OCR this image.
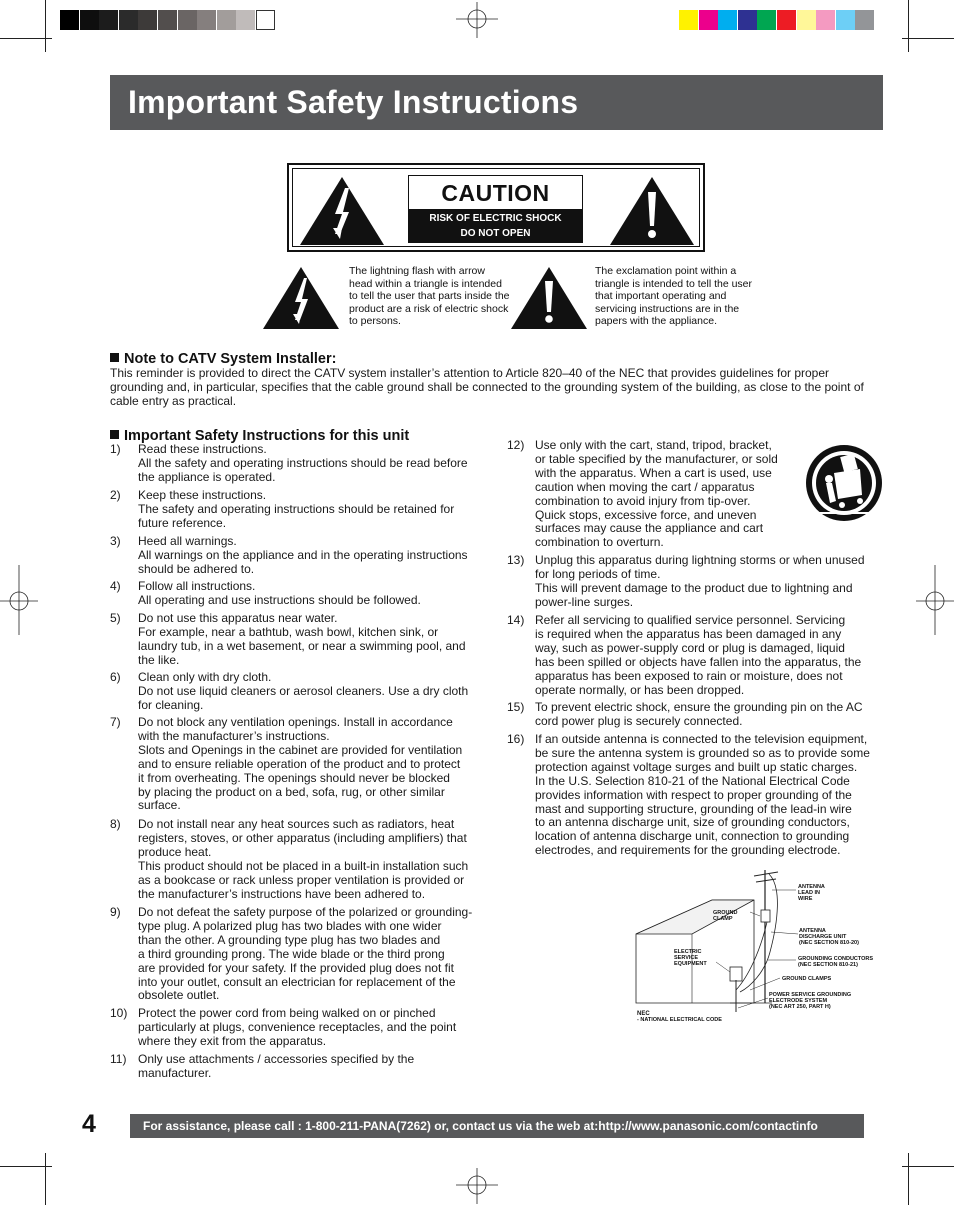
Important Safety Instructions
CAUTION
RISK OF ELECTRIC SHOCK
DO NOT OPEN
The lightning flash with arrow head within a triangle is intended to tell the user that parts inside the product are a risk of electric shock to persons.
The exclamation point within a triangle is intended to tell the user that important operating and servicing instructions are in the papers with the appliance.
Note to CATV System Installer:
This reminder is provided to direct the CATV system installer’s attention to Article 820–40 of the NEC that provides guidelines for proper grounding and, in particular, specifies that the cable ground shall be connected to the grounding system of the building, as close to the point of cable entry as practical.
Important Safety Instructions for this unit
1) Read these instructions.
All the safety and operating instructions should be read before
the appliance is operated.
2) Keep these instructions.
The safety and operating instructions should be retained for
future reference.
3) Heed all warnings.
All warnings on the appliance and in the operating instructions
should be adhered to.
4) Follow all instructions.
All operating and use instructions should be followed.
5) Do not use this apparatus near water.
For example, near a bathtub, wash bowl, kitchen sink, or
laundry tub, in a wet basement, or near a swimming pool, and
the like.
6) Clean only with dry cloth.
Do not use liquid cleaners or aerosol cleaners. Use a dry cloth
for cleaning.
7) Do not block any ventilation openings. Install in accordance
with the manufacturer’s instructions.
Slots and Openings in the cabinet are provided for ventilation
and to ensure reliable operation of the product and to protect
it from overheating. The openings should never be blocked
by placing the product on a bed, sofa, rug, or other similar
surface.
8) Do not install near any heat sources such as radiators, heat
registers, stoves, or other apparatus (including amplifiers) that
produce heat.
This product should not be placed in a built-in installation such
as a bookcase or rack unless proper ventilation is provided or
the manufacturer’s instructions have been adhered to.
9) Do not defeat the safety purpose of the polarized or grounding-
type plug. A polarized plug has two blades with one wider
than the other. A grounding type plug has two blades and
a third grounding prong. The wide blade or the third prong
are provided for your safety. If the provided plug does not fit
into your outlet, consult an electrician for replacement of the
obsolete outlet.
10) Protect the power cord from being walked on or pinched
particularly at plugs, convenience receptacles, and the point
where they exit from the apparatus.
11) Only use attachments / accessories specified by the
manufacturer.
12) Use only with the cart, stand, tripod, bracket,
or table specified by the manufacturer, or sold
with the apparatus. When a cart is used, use
caution when moving the cart / apparatus
combination to avoid injury from tip-over.
Quick stops, excessive force, and uneven
surfaces may cause the appliance and cart
combination to overturn.
13) Unplug this apparatus during lightning storms or when unused
for long periods of time.
This will prevent damage to the product due to lightning and
power-line surges.
14) Refer all servicing to qualified service personnel. Servicing
is required when the apparatus has been damaged in any
way, such as power-supply cord or plug is damaged, liquid
has been spilled or objects have fallen into the apparatus, the
apparatus has been exposed to rain or moisture, does not
operate normally, or has been dropped.
15) To prevent electric shock, ensure the grounding pin on the AC
cord power plug is securely connected.
16) If an outside antenna is connected to the television equipment,
be sure the antenna system is grounded so as to provide some
protection against voltage surges and built up static charges.
In the U.S. Selection 810-21 of the National Electrical Code
provides information with respect to proper grounding of the
mast and supporting structure, grounding of the lead-in wire
to an antenna discharge unit, size of grounding conductors,
location of antenna discharge unit, connection to grounding
electrodes, and requirements for the grounding electrode.
ANTENNA
LEAD IN
WIRE
GROUND
CLAMP
ANTENNA
DISCHARGE UNIT
(NEC SECTION 810-20)
ELECTRIC
SERVICE
EQUIPMENT
GROUNDING CONDUCTORS
(NEC SECTION 810-21)
GROUND CLAMPS
POWER SERVICE GROUNDING
ELECTRODE SYSTEM
(NEC ART 250, PART H)

NEC
- NATIONAL ELECTRICAL CODE

4	For assistance, please call : 1-800-211-PANA(7262) or, contact us via the web at:http://www.panasonic.com/contactinfo
